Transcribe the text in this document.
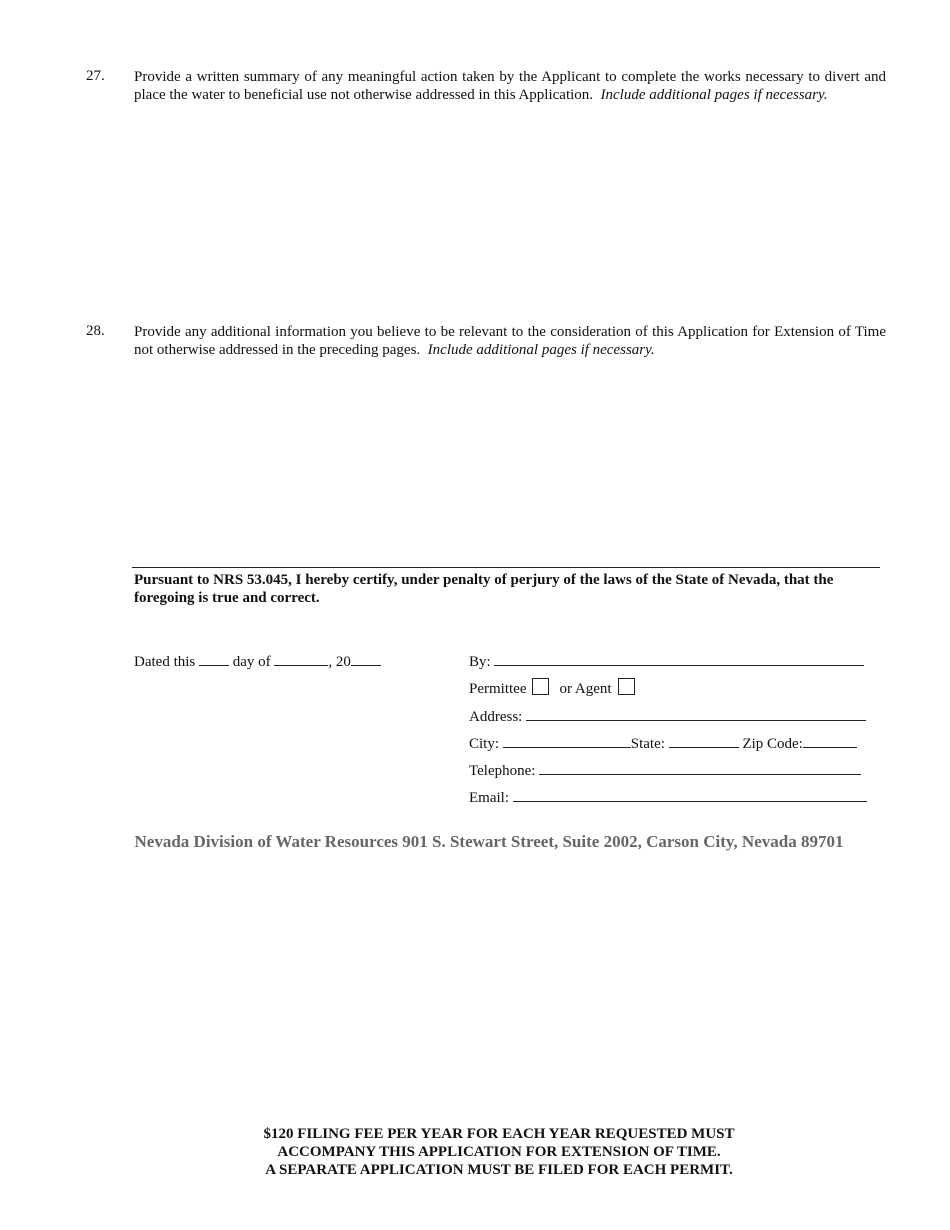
27. Provide a written summary of any meaningful action taken by the Applicant to complete the works necessary to divert and place the water to beneficial use not otherwise addressed in this Application. Include additional pages if necessary.
28. Provide any additional information you believe to be relevant to the consideration of this Application for Extension of Time not otherwise addressed in the preceding pages. Include additional pages if necessary.
Pursuant to NRS 53.045, I hereby certify, under penalty of perjury of the laws of the State of Nevada, that the foregoing is true and correct.
Dated this	day of	, 20	By:
Permittee or Agent
Address:
City:	State:	Zip Code:
Telephone:
Email:
Nevada Division of Water Resources 901 S. Stewart Street, Suite 2002, Carson City, Nevada 89701
$120 FILING FEE PER YEAR FOR EACH YEAR REQUESTED MUST
ACCOMPANY THIS APPLICATION FOR EXTENSION OF TIME.
A SEPARATE APPLICATION MUST BE FILED FOR EACH PERMIT.
